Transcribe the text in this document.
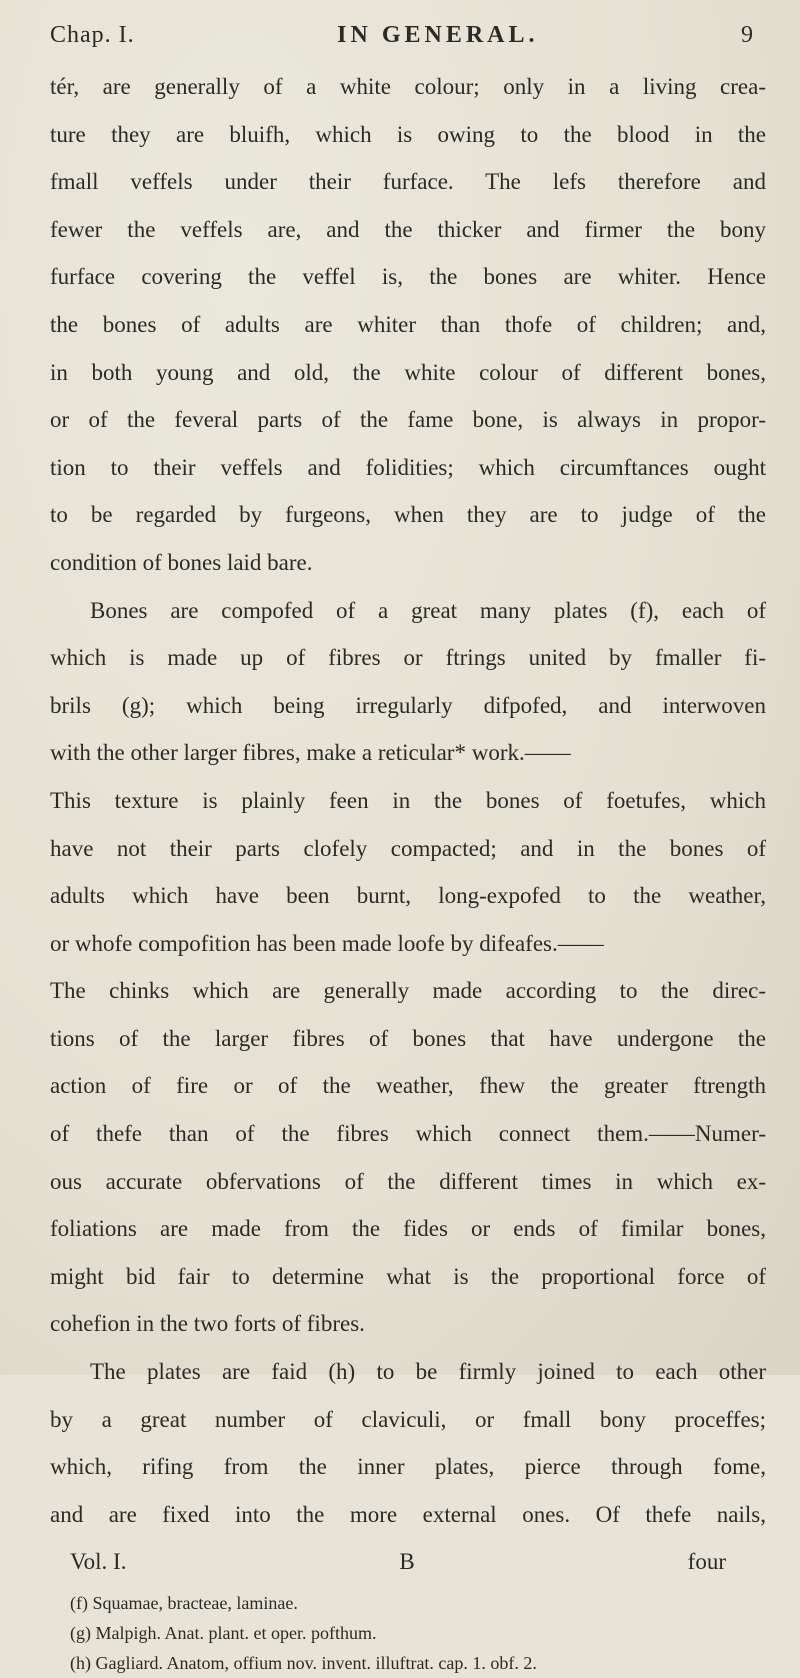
Chap. I.	IN GENERAL.	9
tér, are generally of a white colour; only in a living crea-
ture they are bluifh, which is owing to the blood in the
fmall veffels under their furface. The lefs therefore and
fewer the veffels are, and the thicker and firmer the bony
furface covering the veffel is, the bones are whiter. Hence
the bones of adults are whiter than thofe of children; and,
in both young and old, the white colour of different bones,
or of the feveral parts of the fame bone, is always in propor-
tion to their veffels and folidities; which circumftances ought
to be regarded by furgeons, when they are to judge of the
condition of bones laid bare.
Bones are compofed of a great many plates (f), each of
which is made up of fibres or ftrings united by fmaller fi-
brils (g); which being irregularly difpofed, and interwoven
with the other larger fibres, make a reticular* work.——
This texture is plainly feen in the bones of foetufes, which
have not their parts clofely compacted; and in the bones of
adults which have been burnt, long-expofed to the weather,
or whofe compofition has been made loofe by difeafes.——
The chinks which are generally made according to the direc-
tions of the larger fibres of bones that have undergone the
action of fire or of the weather, fhew the greater ftrength
of thefe than of the fibres which connect them.——Numer-
ous accurate obfervations of the different times in which ex-
foliations are made from the fides or ends of fimilar bones,
might bid fair to determine what is the proportional force of
cohefion in the two forts of fibres.
The plates are faid (h) to be firmly joined to each other
by a great number of claviculi, or fmall bony proceffes;
which, rifing from the inner plates, pierce through fome,
and are fixed into the more external ones. Of thefe nails,
Vol. I.	B	four
(f) Squamae, bracteae, laminae.
(g) Malpigh. Anat. plant. et oper. pofthum.
(h) Gagliard. Anatom, offium nov. invent. illuftrat. cap. 1. obf. 2.
